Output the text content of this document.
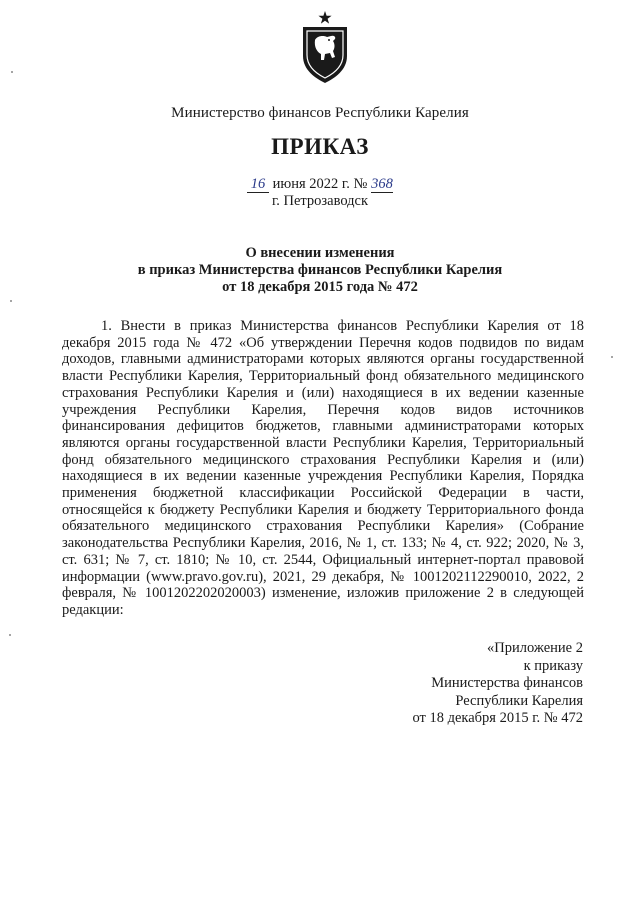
Министерство финансов Республики Карелия
ПРИКАЗ
16 июня 2022 г. № 368
г. Петрозаводск
О внесении изменения
в приказ Министерства финансов Республики Карелия
от 18 декабря 2015 года № 472

1. Внести в приказ Министерства финансов Республики Карелия от 18 декабря 2015 года № 472 «Об утверждении Перечня кодов подвидов по видам доходов, главными администраторами которых являются органы государственной власти Республики Карелия, Территориальный фонд обязательного медицинского страхования Республики Карелия и (или) находящиеся в их ведении казенные учреждения Республики Карелия, Перечня кодов видов источников финансирования дефицитов бюджетов, главными администраторами которых являются органы государственной власти Республики Карелия, Территориальный фонд обязательного медицинского страхования Республики Карелия и (или) находящиеся в их ведении казенные учреждения Республики Карелия, Порядка применения бюджетной классификации Российской Федерации в части, относящейся к бюджету Республики Карелия и бюджету Территориального фонда обязательного медицинского страхования Республики Карелия» (Собрание законодательства Республики Карелия, 2016, № 1, ст. 133; № 4, ст. 922; 2020, № 3, ст. 631; № 7, ст. 1810; № 10, ст. 2544, Официальный интернет-портал правовой информации (www.pravo.gov.ru), 2021, 29 декабря, № 1001202112290010, 2022, 2 февраля, № 1001202202020003) изменение, изложив приложение 2 в следующей редакции:

«Приложение 2
к приказу
Министерства финансов
Республики Карелия
от 18 декабря 2015 г. № 472
